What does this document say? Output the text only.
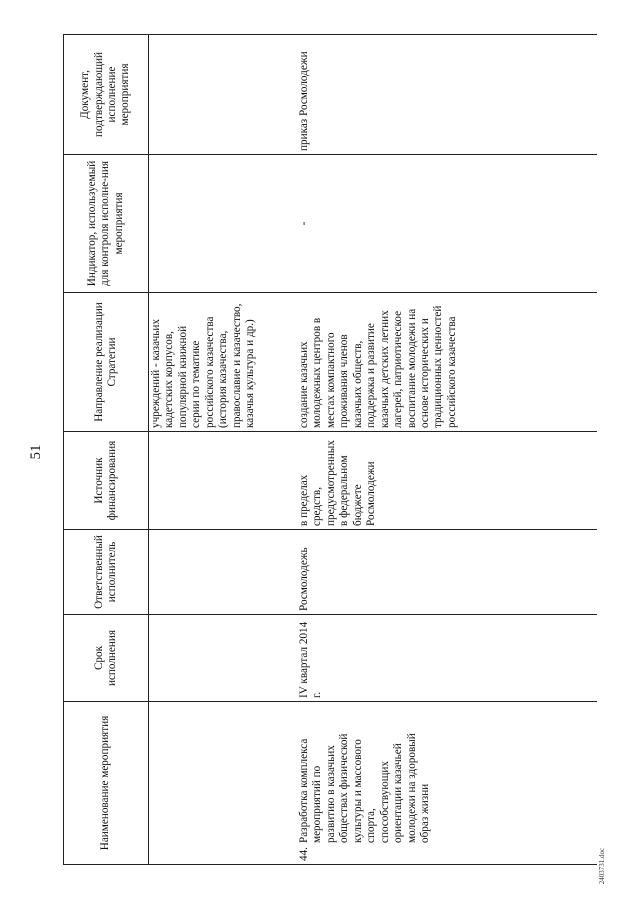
51
Наименование мероприятия	Срок исполнения	Ответственный исполнитель	Источник финансирования	Направление реализации Стратегии	Индикатор, используемый для контроля исполне-ния мероприятия	Документ, подтверждающий исполнение мероприятия
				учреждений - казачьих кадетских корпусов, популярной книжной серии по тематике российского казачества (история казачества, православие и казачество, казачья культура и др.)		
44.Разработка комплекса мероприятий по развитию в казачьих обществах физической культуры и массового спорта, способствующих ориентации казачьей молодежи на здоровый образ жизни	IV квартал 2014 г.	Росмолодежь	в пределах средств, предусмотренных в федеральном бюджете Росмолодежи	создание казачьих молодежных центров в местах компактного проживания членов казачьих обществ, поддержка и развитие казачьих детских летних лагерей, патриотическое воспитание молодежи на основе исторических и традиционных ценностей российского казачества	-	приказ Росмолодежи
2403731.doc
